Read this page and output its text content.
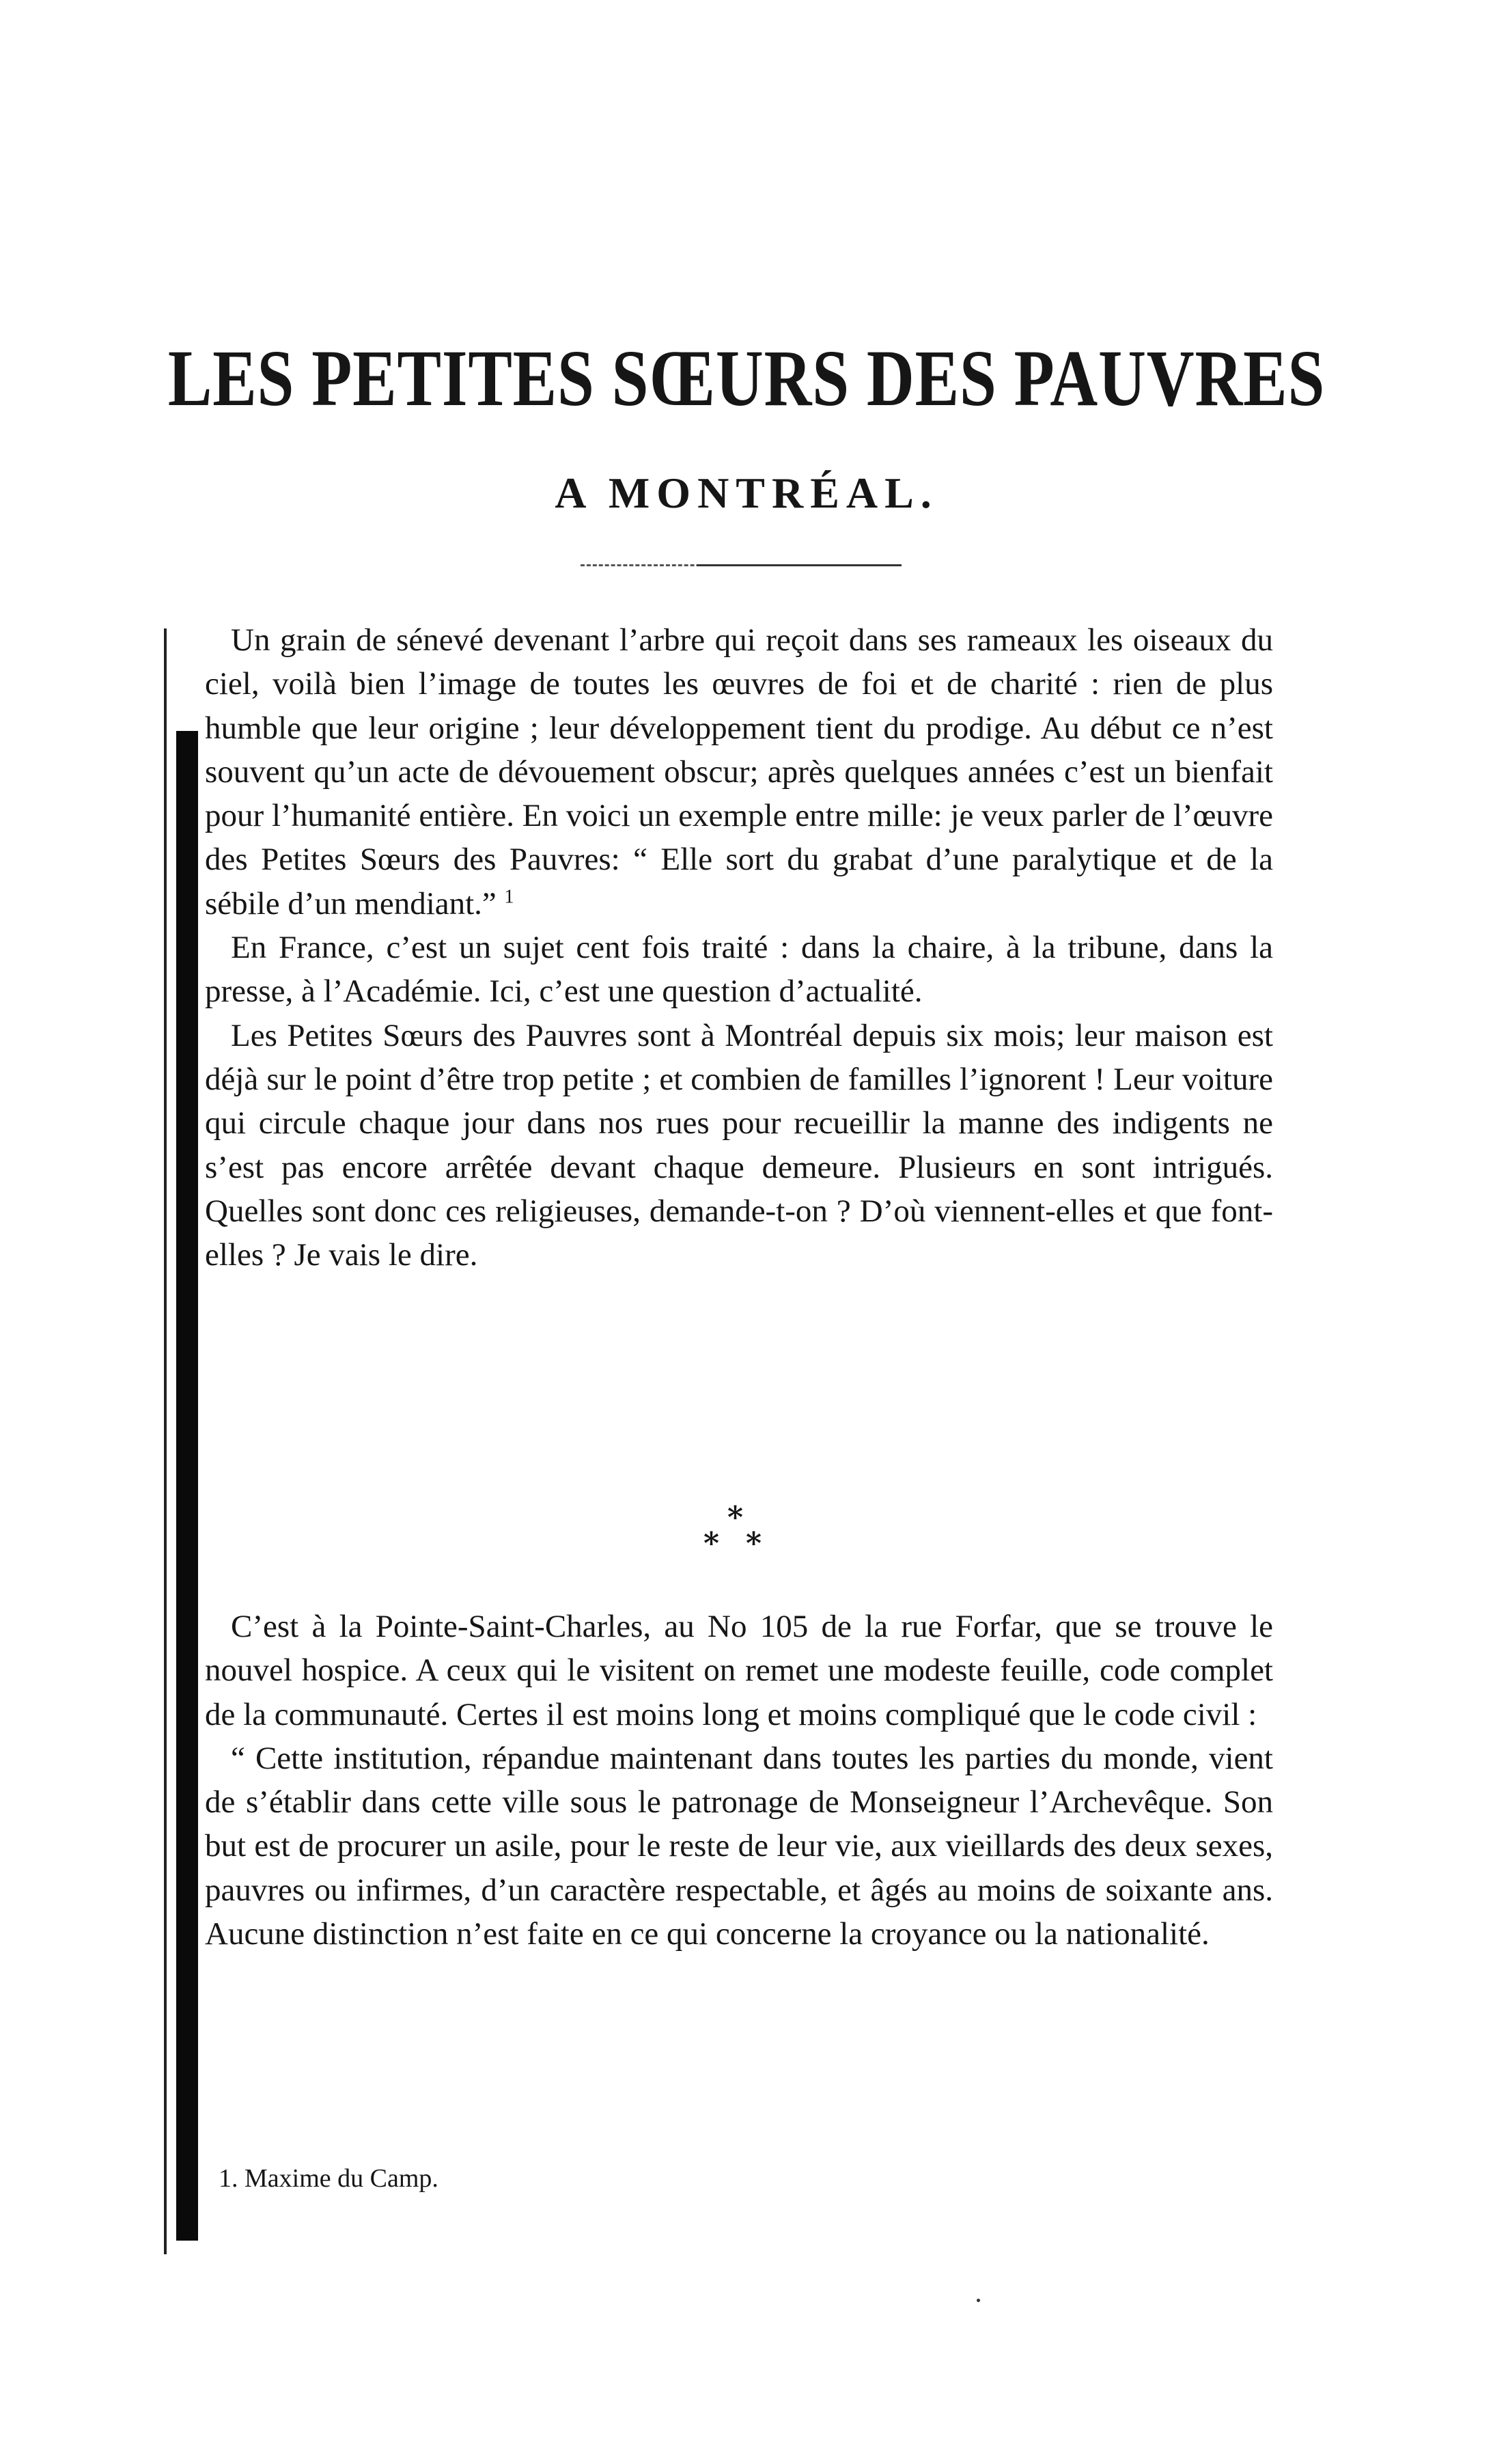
LES PETITES SŒURS DES PAUVRES
A MONTRÉAL.

Un grain de sénevé devenant l’arbre qui reçoit dans ses rameaux les oiseaux du ciel, voilà bien l’image de toutes les œuvres de foi et de charité : rien de plus humble que leur origine ; leur développement tient du prodige. Au début ce n’est souvent qu’un acte de dévouement obscur; après quelques années c’est un bienfait pour l’humanité entière. En voici un exemple entre mille: je veux parler de l’œuvre des Petites Sœurs des Pauvres: “ Elle sort du grabat d’une paralytique et de la sébile d’un mendiant.” $^1$

En France, c’est un sujet cent fois traité : dans la chaire, à la tribune, dans la presse, à l’Académie. Ici, c’est une question d’actualité.

Les Petites Sœurs des Pauvres sont à Montréal depuis six mois; leur maison est déjà sur le point d’être trop petite ; et combien de familles l’ignorent ! Leur voiture qui circule chaque jour dans nos rues pour recueillir la manne des indigents ne s’est pas encore arrêtée devant chaque demeure. Plusieurs en sont intrigués. Quelles sont donc ces religieuses, demande-t-on ? D’où viennent-elles et que font-elles ? Je vais le dire.

*
* *

C’est à la Pointe-Saint-Charles, au No 105 de la rue Forfar, que se trouve le nouvel hospice. A ceux qui le visitent on remet une modeste feuille, code complet de la communauté. Certes il est moins long et moins compliqué que le code civil :

“ Cette institution, répandue maintenant dans toutes les parties du monde, vient de s’établir dans cette ville sous le patronage de Monseigneur l’Archevêque. Son but est de procurer un asile, pour le reste de leur vie, aux vieillards des deux sexes, pauvres ou infirmes, d’un caractère respectable, et âgés au moins de soixante ans. Aucune distinction n’est faite en ce qui concerne la croyance ou la nationalité.

1. Maxime du Camp.
